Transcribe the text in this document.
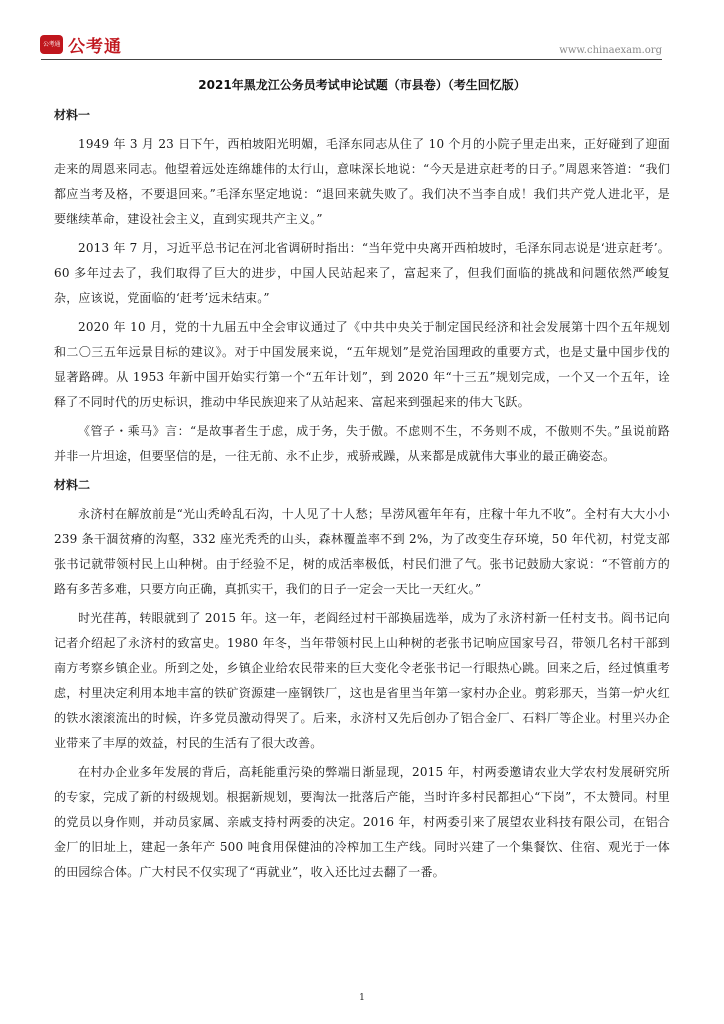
公考通 公考通	www.chinaexam.org
2021年黑龙江公务员考试申论试题（市县卷）（考生回忆版）

材料一

1949 年 3 月 23 日下午，西柏坡阳光明媚，毛泽东同志从住了 10 个月的小院子里走出来，正好碰到了迎面走来的周恩来同志。他望着远处连绵雄伟的太行山，意味深长地说：“今天是进京赶考的日子。”周恩来答道：“我们都应当考及格，不要退回来。”毛泽东坚定地说：“退回来就失败了。我们决不当李自成！我们共产党人进北平，是要继续革命，建设社会主义，直到实现共产主义。”

2013 年 7 月，习近平总书记在河北省调研时指出：“当年党中央离开西柏坡时，毛泽东同志说是‘进京赶考’。60 多年过去了，我们取得了巨大的进步，中国人民站起来了，富起来了，但我们面临的挑战和问题依然严峻复杂，应该说，党面临的‘赶考’远未结束。”

2020 年 10 月，党的十九届五中全会审议通过了《中共中央关于制定国民经济和社会发展第十四个五年规划和二〇三五年远景目标的建议》。对于中国发展来说，“五年规划”是党治国理政的重要方式，也是丈量中国步伐的显著路碑。从 1953 年新中国开始实行第一个“五年计划”，到 2020 年“十三五”规划完成，一个又一个五年，诠释了不同时代的历史标识，推动中华民族迎来了从站起来、富起来到强起来的伟大飞跃。

《管子・乘马》言：“是故事者生于虑，成于务，失于傲。不虑则不生，不务则不成，不傲则不失。”虽说前路并非一片坦途，但要坚信的是，一往无前、永不止步，戒骄戒躁，从来都是成就伟大事业的最正确姿态。

材料二

永济村在解放前是“光山秃岭乱石沟，十人见了十人愁；旱涝风雹年年有，庄稼十年九不收”。全村有大大小小 239 条干涸贫瘠的沟壑，332 座光秃秃的山头，森林覆盖率不到 2%，为了改变生存环境，50 年代初，村党支部张书记就带领村民上山种树。由于经验不足，树的成活率极低，村民们泄了气。张书记鼓励大家说：“不管前方的路有多苦多难，只要方向正确，真抓实干，我们的日子一定会一天比一天红火。”

时光荏苒，转眼就到了 2015 年。这一年，老阎经过村干部换届选举，成为了永济村新一任村支书。阎书记向记者介绍起了永济村的致富史。1980 年冬，当年带领村民上山种树的老张书记响应国家号召，带领几名村干部到南方考察乡镇企业。所到之处，乡镇企业给农民带来的巨大变化令老张书记一行眼热心跳。回来之后，经过慎重考虑，村里决定利用本地丰富的铁矿资源建一座钢铁厂，这也是省里当年第一家村办企业。剪彩那天，当第一炉火红的铁水滚滚流出的时候，许多党员激动得哭了。后来，永济村又先后创办了铝合金厂、石料厂等企业。村里兴办企业带来了丰厚的效益，村民的生活有了很大改善。

在村办企业多年发展的背后，高耗能重污染的弊端日渐显现，2015 年，村两委邀请农业大学农村发展研究所的专家，完成了新的村级规划。根据新规划，要淘汰一批落后产能，当时许多村民都担心“下岗”，不太赞同。村里的党员以身作则，并动员家属、亲戚支持村两委的决定。2016 年，村两委引来了展望农业科技有限公司，在铝合金厂的旧址上，建起一条年产 500 吨食用保健油的冷榨加工生产线。同时兴建了一个集餐饮、住宿、观光于一体的田园综合体。广大村民不仅实现了“再就业”，收入还比过去翻了一番。

1
